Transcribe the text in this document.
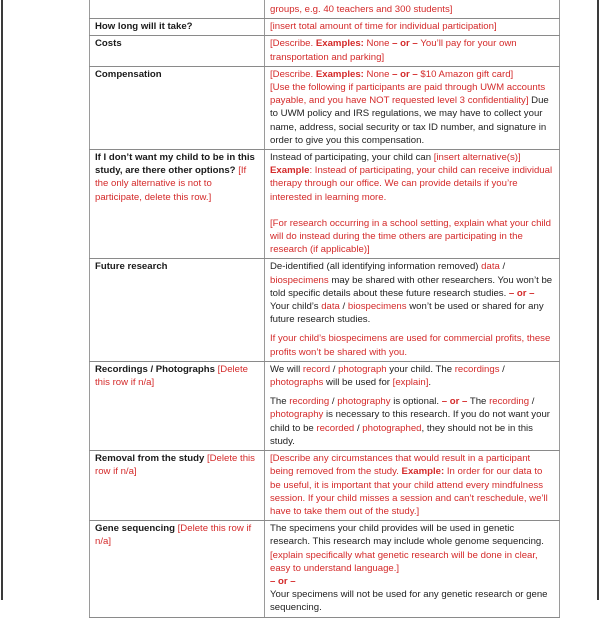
	groups, e.g. 40 teachers and 300 students]

How long will it take?	[insert total amount of time for individual participation]
Costs	[Describe. Examples: None – or – You’ll pay for your own transportation and parking]
Compensation	[Describe. Examples: None – or – $10 Amazon gift card]

[Use the following if participants are paid through UWM accounts payable, and you have NOT requested level 3 confidentiality] Due to UWM policy and IRS regulations, we may have to collect your name, address, social security or tax ID number, and signature in order to give you this compensation.

If I don’t want my child to be in this study, are there other options? [If the only alternative is not to participate, delete this row.]	Instead of participating, your child can [insert alternative(s)]
Example: Instead of participating, your child can receive individual therapy through our office. We can provide details if you’re interested in learning more.

[For research occurring in a school setting, explain what your child will do instead during the time others are participating in the research (if applicable)]

Future research	De-identified (all identifying information removed) data / biospecimens may be shared with other researchers. You won’t be told specific details about these future research studies. – or – Your child’s data / biospecimens won’t be used or shared for any future research studies.

If your child’s biospecimens are used for commercial profits, these profits won’t be shared with you.

Recordings / Photographs [Delete this row if n/a]	We will record / photograph your child. The recordings / photographs will be used for [explain].

The recording / photography is optional. – or – The recording / photography is necessary to this research. If you do not want your child to be recorded / photographed, they should not be in this study.

Removal from the study [Delete this row if n/a]	[Describe any circumstances that would result in a participant being removed from the study. Example: In order for our data to be useful, it is important that your child attend every mindfulness session. If your child misses a session and can’t reschedule, we’ll have to take them out of the study.]
Gene sequencing [Delete this row if n/a]	The specimens your child provides will be used in genetic research. This research may include whole genome sequencing. [explain specifically what genetic research will be done in clear, easy to understand language.]
– or –
Your specimens will not be used for any genetic research or gene sequencing.
